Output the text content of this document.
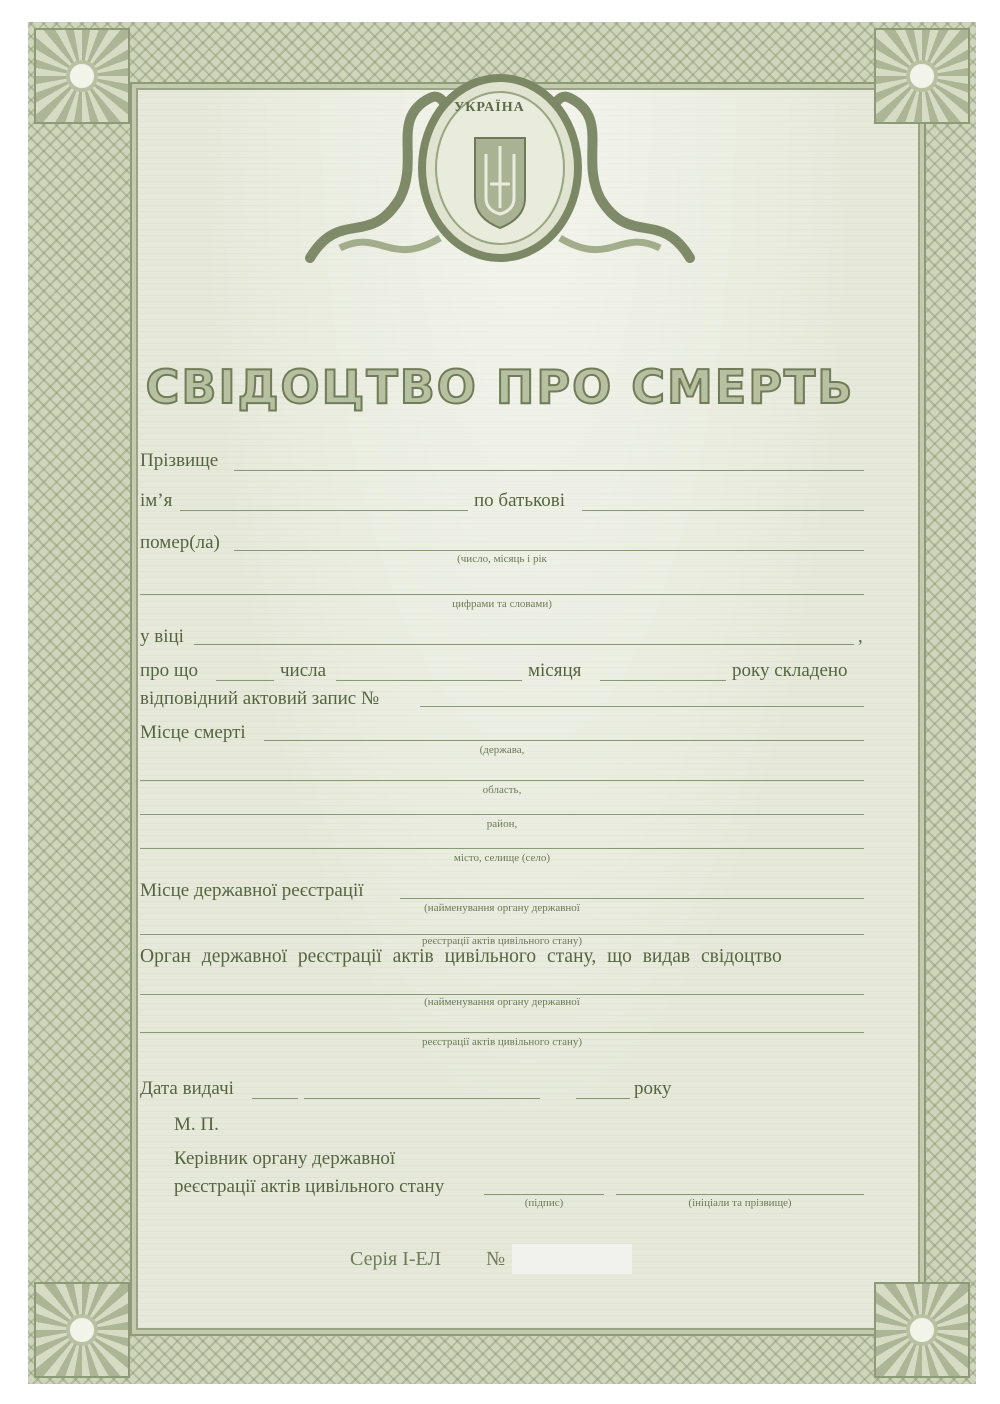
УКРАЇНА
СВІДОЦТВО ПРО СМЕРТЬ
Прізвище
ім’я	по батькові
помер(ла)
(число, місяць і рік
цифрами та словами)
у віці	,
про що	числа	місяця	року складено
відповідний актовий запис №
Місце смерті
(держава,
область,
район,
місто, селище (село)
Місце державної реєстрації
(найменування органу державної
реєстрації актів цивільного стану)
Орган державної реєстрації актів цивільного стану, що видав свідоцтво
(найменування органу державної
реєстрації актів цивільного стану)
Дата видачі	року
М. П.
Керівник органу державної
реєстрації актів цивільного стану
(підпис)	(ініціали та прізвище)
Серія І-ЕЛ №
